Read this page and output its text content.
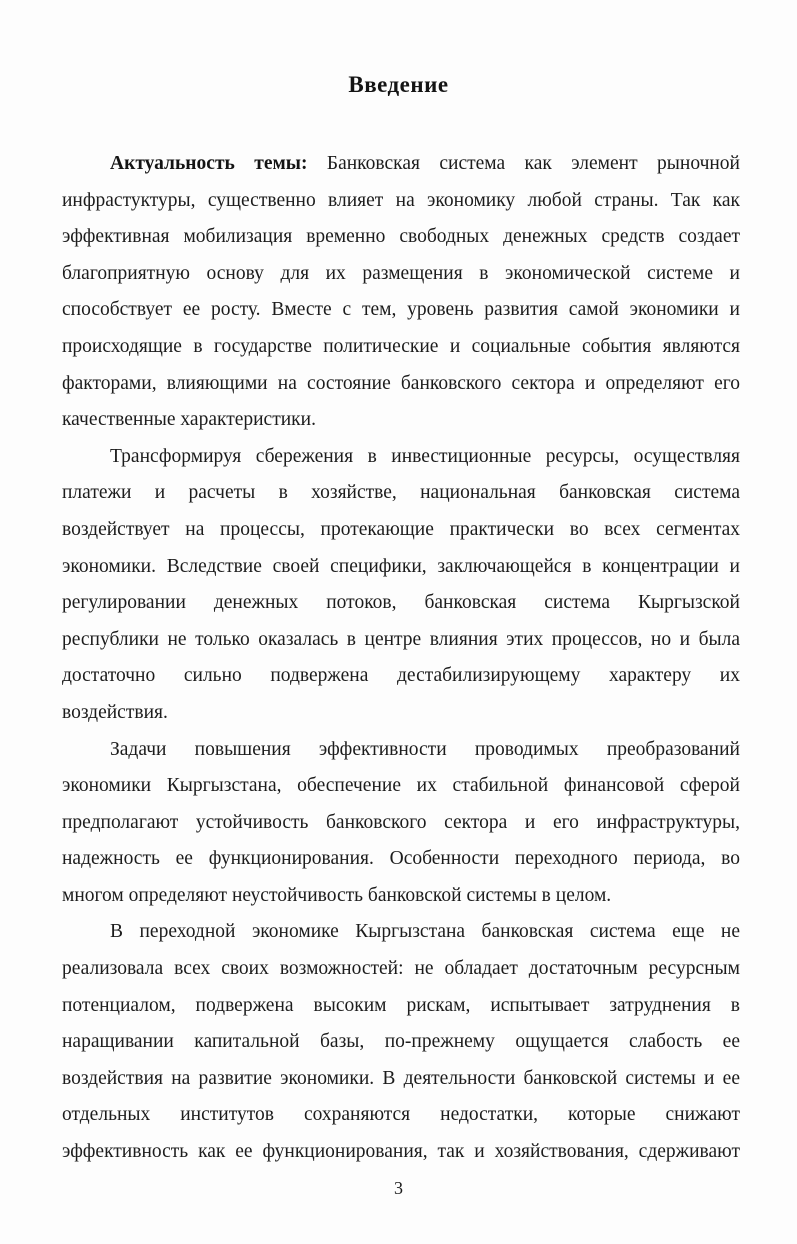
Введение
Актуальность темы: Банковская система как элемент рыночной
инфрастуктуры, существенно влияет на экономику любой страны. Так как
эффективная мобилизация временно свободных денежных средств создает
благоприятную основу для их размещения в экономической системе и
способствует ее росту. Вместе с тем, уровень развития самой экономики и
происходящие в государстве политические и социальные события являются
факторами, влияющими на состояние банковского сектора и определяют его
качественные характеристики.
Трансформируя сбережения в инвестиционные ресурсы, осуществляя
платежи и расчеты в хозяйстве, национальная банковская система
воздействует на процессы, протекающие практически во всех сегментах
экономики. Вследствие своей специфики, заключающейся в концентрации и
регулировании денежных потоков, банковская система Кыргызской
республики не только оказалась в центре влияния этих процессов, но и была
достаточно сильно подвержена дестабилизирующему характеру их
воздействия.
Задачи повышения эффективности проводимых преобразований
экономики Кыргызстана, обеспечение их стабильной финансовой сферой
предполагают устойчивость банковского сектора и его инфраструктуры,
надежность ее функционирования. Особенности переходного периода, во
многом определяют неустойчивость банковской системы в целом.
В переходной экономике Кыргызстана банковская система еще не
реализовала всех своих возможностей: не обладает достаточным ресурсным
потенциалом, подвержена высоким рискам, испытывает затруднения в
наращивании капитальной базы, по-прежнему ощущается слабость ее
воздействия на развитие экономики. В деятельности банковской системы и ее
отдельных институтов сохраняются недостатки, которые снижают
эффективность как ее функционирования, так и хозяйствования, сдерживают
3
